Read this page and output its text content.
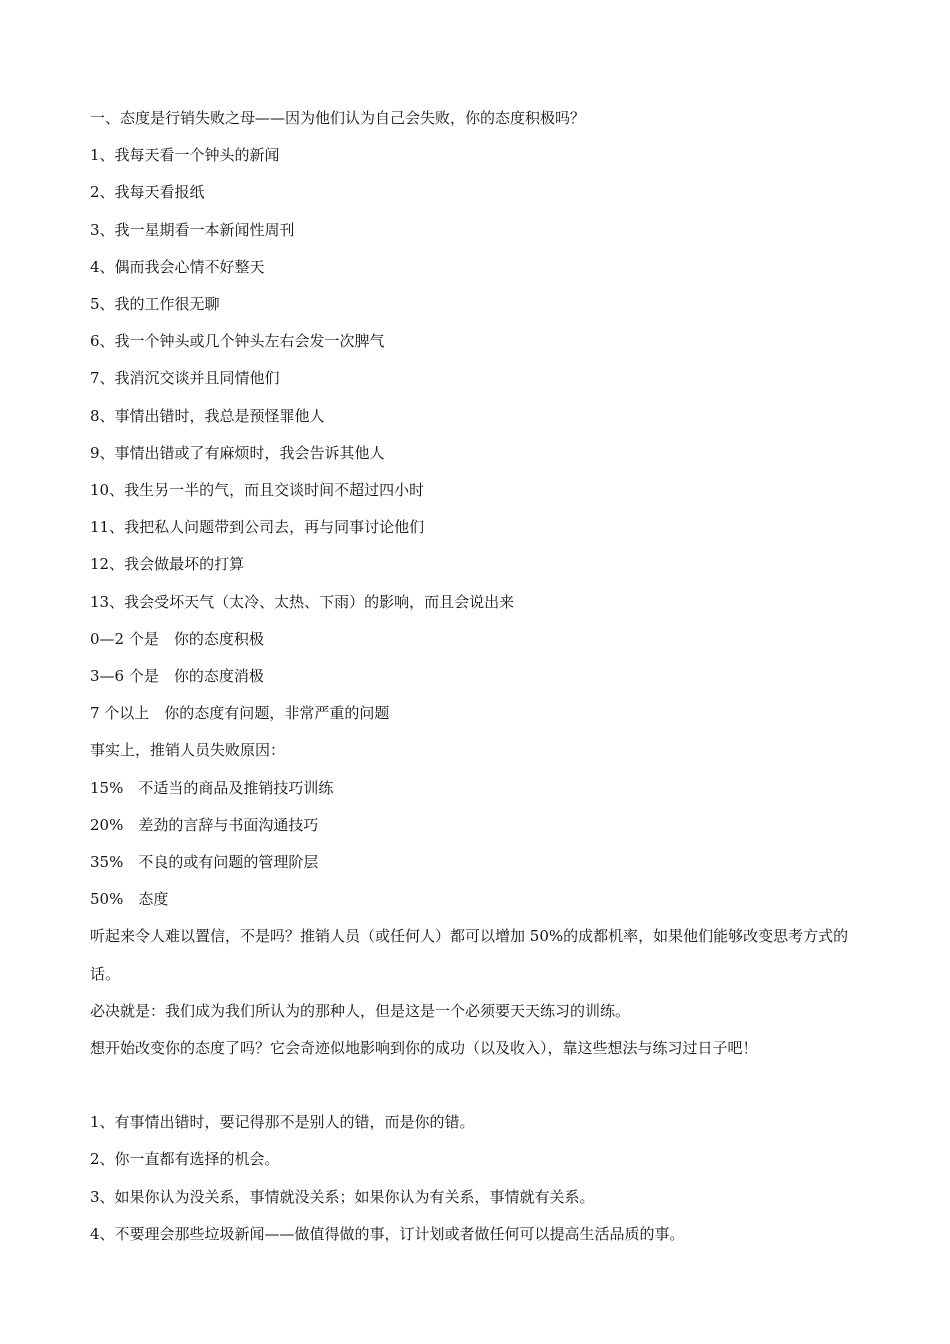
一、态度是行销失败之母——因为他们认为自己会失败，你的态度积极吗？
1、我每天看一个钟头的新闻
2、我每天看报纸
3、我一星期看一本新闻性周刊
4、偶而我会心情不好整天
5、我的工作很无聊
6、我一个钟头或几个钟头左右会发一次脾气
7、我消沉交谈并且同情他们
8、事情出错时，我总是预怪罪他人
9、事情出错或了有麻烦时，我会告诉其他人
10、我生另一半的气，而且交谈时间不超过四小时
11、我把私人问题带到公司去，再与同事讨论他们
12、我会做最坏的打算
13、我会受坏天气（太冷、太热、下雨）的影响，而且会说出来
0—2 个是　你的态度积极
3—6 个是　你的态度消极
7 个以上　你的态度有问题，非常严重的问题
事实上，推销人员失败原因：
15%　不适当的商品及推销技巧训练
20%　差劲的言辞与书面沟通技巧
35%　不良的或有问题的管理阶层
50%　态度
听起来令人难以置信，不是吗？推销人员（或任何人）都可以增加 50%的成都机率，如果他们能够改变思考方式的话。
必决就是：我们成为我们所认为的那种人，但是这是一个必须要天天练习的训练。
想开始改变你的态度了吗？它会奇迹似地影响到你的成功（以及收入），靠这些想法与练习过日子吧！
1、有事情出错时，要记得那不是别人的错，而是你的错。
2、你一直都有选择的机会。
3、如果你认为没关系，事情就没关系；如果你认为有关系，事情就有关系。
4、不要理会那些垃圾新闻——做值得做的事，订计划或者做任何可以提高生活品质的事。
